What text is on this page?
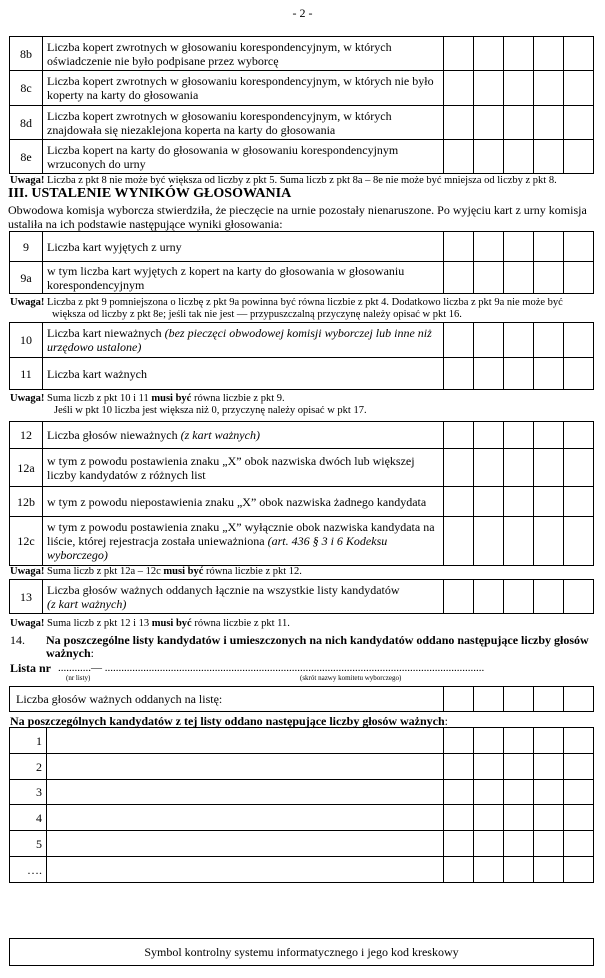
- 2 -
8b	Liczba kopert zwrotnych w głosowaniu korespondencyjnym, w których oświadczenie nie było podpisane przez wyborcę					
8c	Liczba kopert zwrotnych w głosowaniu korespondencyjnym, w których nie było koperty na karty do głosowania					
8d	Liczba kopert zwrotnych w głosowaniu korespondencyjnym, w których znajdowała się niezaklejona koperta na karty do głosowania					
8e	Liczba kopert na karty do głosowania w głosowaniu korespondencyjnym wrzuconych do urny					
Uwaga! Liczba z pkt 8 nie może być większa od liczby z pkt 5. Suma liczb z pkt 8a – 8e nie może być mniejsza od liczby z pkt 8.
III. USTALENIE WYNIKÓW GŁOSOWANIA
Obwodowa komisja wyborcza stwierdziła, że pieczęcie na urnie pozostały nienaruszone. Po wyjęciu kart z urny komisja
ustaliła na ich podstawie następujące wyniki głosowania:
9	Liczba kart wyjętych z urny					
9a	w tym liczba kart wyjętych z kopert na karty do głosowania w głosowaniu korespondencyjnym					
Uwaga! Liczba z pkt 9 pomniejszona o liczbę z pkt 9a powinna być równa liczbie z pkt 4. Dodatkowo liczba z pkt 9a nie może być
większa od liczby z pkt 8e; jeśli tak nie jest — przypuszczalną przyczynę należy opisać w pkt 16.
10	Liczba kart nieważnych (bez pieczęci obwodowej komisji wyborczej lub inne niż urzędowo ustalone)					
11	Liczba kart ważnych					
Uwaga! Suma liczb z pkt 10 i 11 musi być równa liczbie z pkt 9.
Jeśli w pkt 10 liczba jest większa niż 0, przyczynę należy opisać w pkt 17.
12	Liczba głosów nieważnych (z kart ważnych)					
12a	w tym z powodu postawienia znaku „X” obok nazwiska dwóch lub większej liczby kandydatów z różnych list					
12b	w tym z powodu niepostawienia znaku „X” obok nazwiska żadnego kandydata					
12c	w tym z powodu postawienia znaku „X” wyłącznie obok nazwiska kandydata na liście, której rejestracja została unieważniona (art. 436 § 3 i 6 Kodeksu wyborczego)					
Uwaga! Suma liczb z pkt 12a – 12c musi być równa liczbie z pkt 12.
13	Liczba głosów ważnych oddanych łącznie na wszystkie listy kandydatów
(z kart ważnych)					
Uwaga! Suma liczb z pkt 12 i 13 musi być równa liczbie z pkt 11.
14. Na poszczególne listy kandydatów i umieszczonych na nich kandydatów oddano następujące liczby głosów
ważnych:
Lista nr ............— ..........................................................................................................................................
(nr listy)	(skrót nazwy komitetu wyborczego)
Liczba głosów ważnych oddanych na listę:					
Na poszczególnych kandydatów z tej listy oddano następujące liczby głosów ważnych:
1						
2						
3						
4						
5						
….						
Symbol kontrolny systemu informatycznego i jego kod kreskowy
